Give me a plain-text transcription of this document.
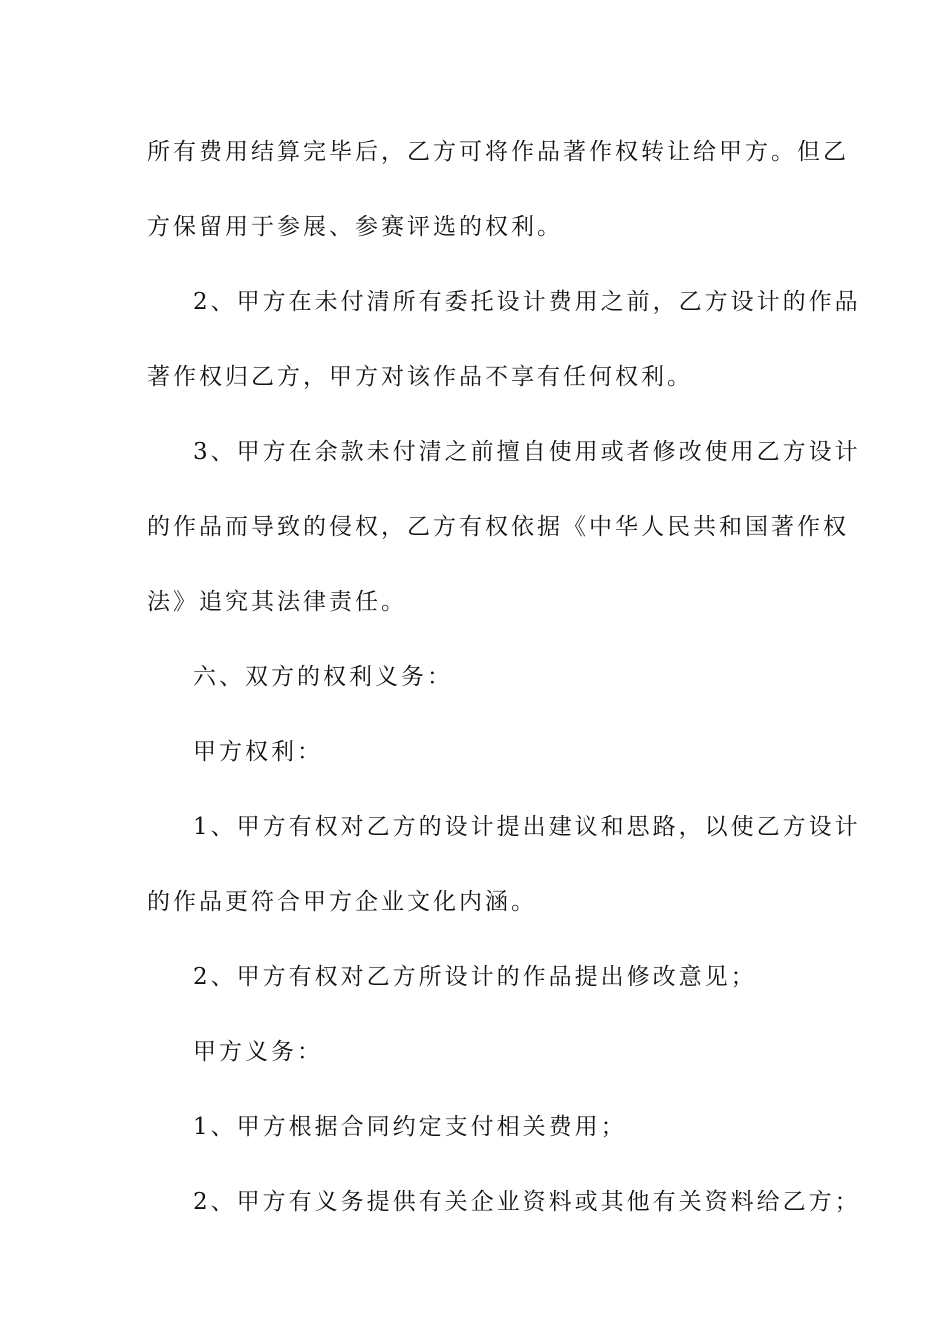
所有费用结算完毕后，乙方可将作品著作权转让给甲方。但乙
方保留用于参展、参赛评选的权利。
2、甲方在未付清所有委托设计费用之前，乙方设计的作品
著作权归乙方，甲方对该作品不享有任何权利。
3、甲方在余款未付清之前擅自使用或者修改使用乙方设计
的作品而导致的侵权，乙方有权依据《中华人民共和国著作权
法》追究其法律责任。
六、双方的权利义务：
甲方权利：
1、甲方有权对乙方的设计提出建议和思路，以使乙方设计
的作品更符合甲方企业文化内涵。
2、甲方有权对乙方所设计的作品提出修改意见；
甲方义务：
1、甲方根据合同约定支付相关费用；
2、甲方有义务提供有关企业资料或其他有关资料给乙方；
